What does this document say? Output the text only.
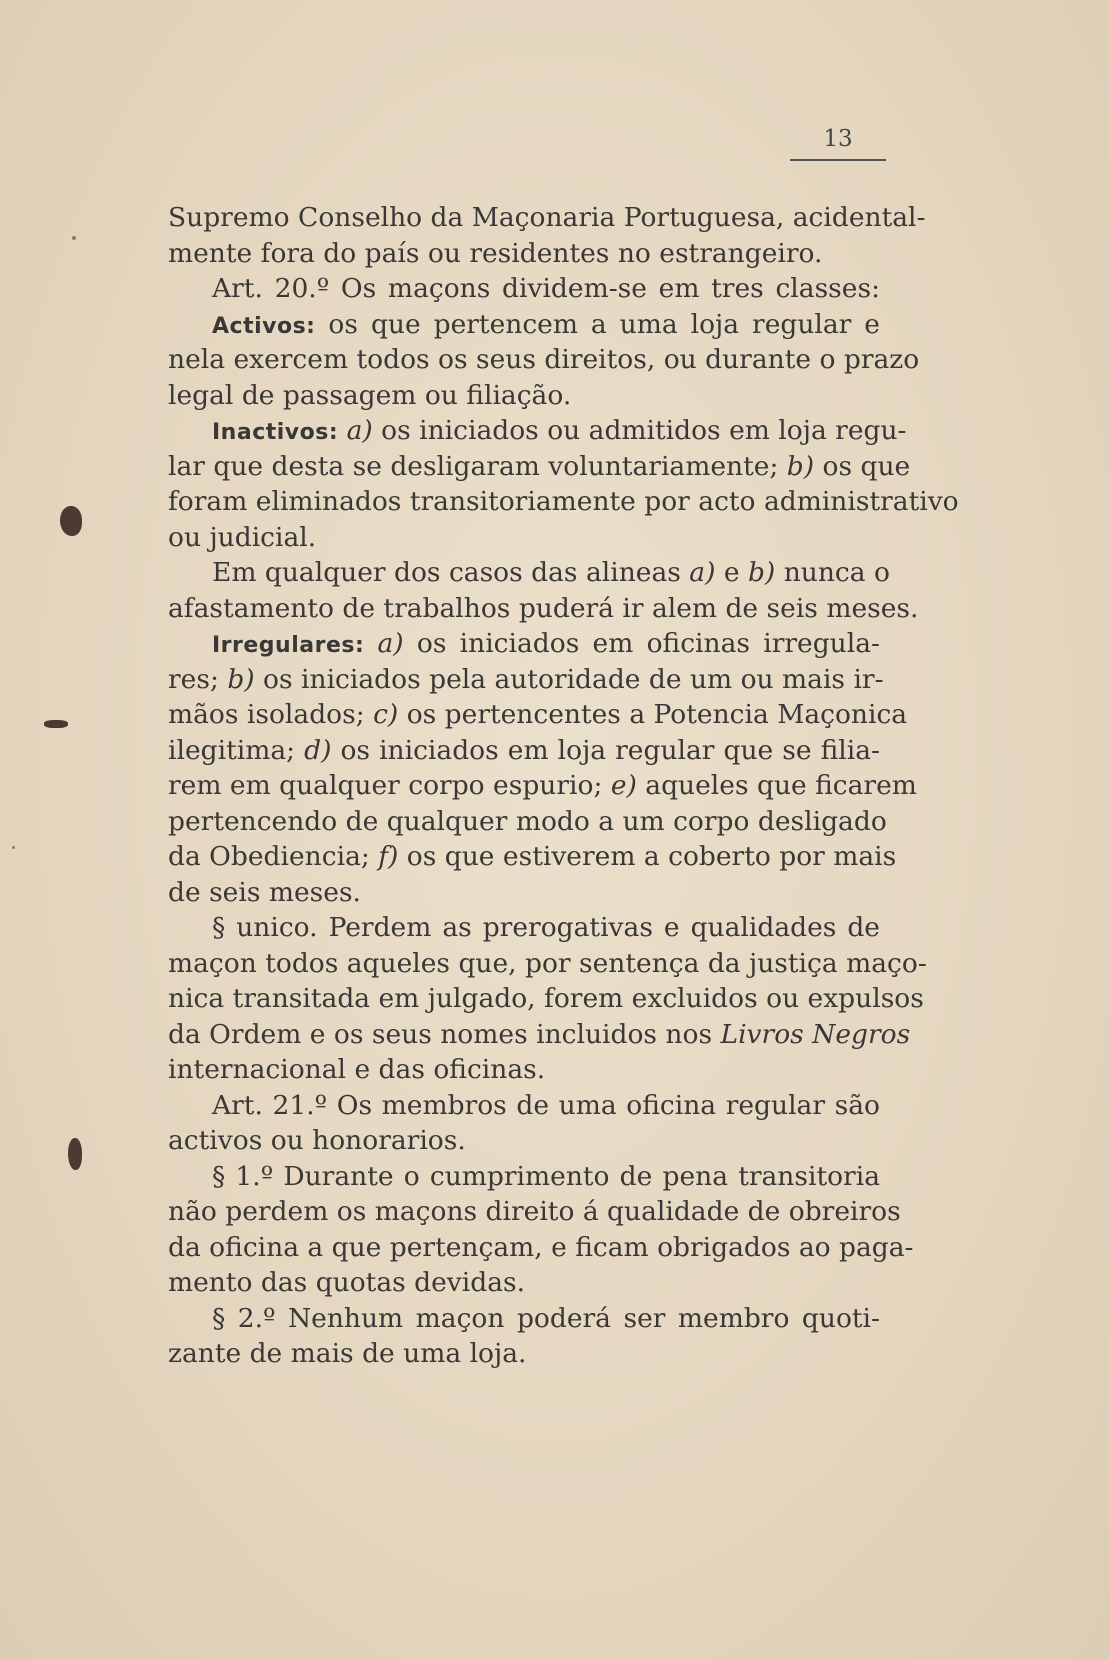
13

Supremo Conselho da Maçonaria Portuguesa, acidental-
mente fora do país ou residentes no estrangeiro.

Art. 20.º Os maçons dividem-se em tres classes:

Activos: os que pertencem a uma loja regular e
nela exercem todos os seus direitos, ou durante o prazo
legal de passagem ou filiação.

Inactivos: a) os iniciados ou admitidos em loja regu-
lar que desta se desligaram voluntariamente; b) os que
foram eliminados transitoriamente por acto administrativo
ou judicial.

Em qualquer dos casos das alineas a) e b) nunca o
afastamento de trabalhos puderá ir alem de seis meses.

Irregulares: a) os iniciados em oficinas irregula-
res; b) os iniciados pela autoridade de um ou mais ir-
mãos isolados; c) os pertencentes a Potencia Maçonica
ilegitima; d) os iniciados em loja regular que se filia-
rem em qualquer corpo espurio; e) aqueles que ficarem
pertencendo de qualquer modo a um corpo desligado
da Obediencia; f) os que estiverem a coberto por mais
de seis meses.

§ unico. Perdem as prerogativas e qualidades de
maçon todos aqueles que, por sentença da justiça maço-
nica transitada em julgado, forem excluidos ou expulsos
da Ordem e os seus nomes incluidos nos Livros Negros
internacional e das oficinas.

Art. 21.º Os membros de uma oficina regular são
activos ou honorarios.

§ 1.º Durante o cumprimento de pena transitoria
não perdem os maçons direito á qualidade de obreiros
da oficina a que pertençam, e ficam obrigados ao paga-
mento das quotas devidas.

§ 2.º Nenhum maçon poderá ser membro quoti-
zante de mais de uma loja.
